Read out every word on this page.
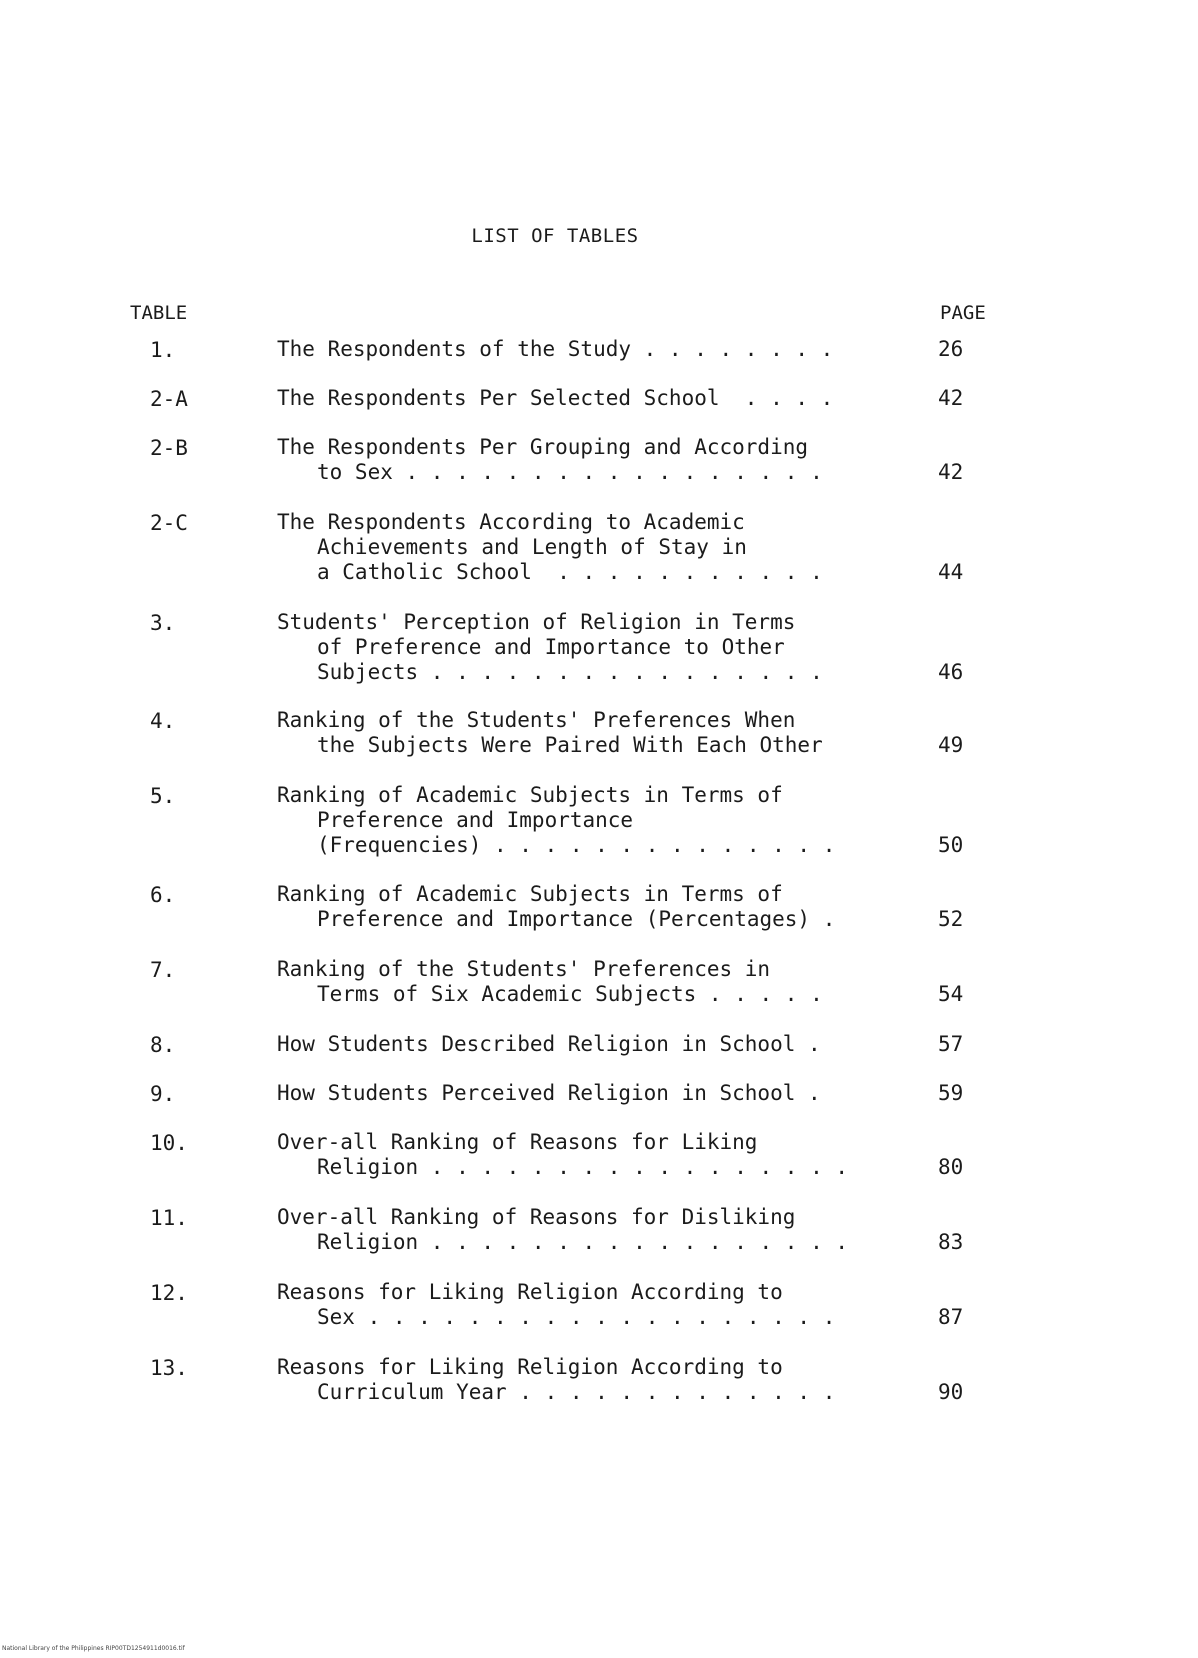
LIST OF TABLES
TABLE	PAGE
1.	The Respondents of the Study . . . . . . . .	26
2-A	The Respondents Per Selected School  . . . .	42
2-B	The Respondents Per Grouping and According
to Sex . . . . . . . . . . . . . . . . .	42
2-C	The Respondents According to Academic
Achievements and Length of Stay in
a Catholic School  . . . . . . . . . . .	44
3.	Students' Perception of Religion in Terms
of Preference and Importance to Other
Subjects . . . . . . . . . . . . . . . .	46
4.	Ranking of the Students' Preferences When
the Subjects Were Paired With Each Other	49
5.	Ranking of Academic Subjects in Terms of
Preference and Importance
(Frequencies) . . . . . . . . . . . . . .	50
6.	Ranking of Academic Subjects in Terms of
Preference and Importance (Percentages) .	52
7.	Ranking of the Students' Preferences in
Terms of Six Academic Subjects . . . . .	54
8.	How Students Described Religion in School .	57
9.	How Students Perceived Religion in School .	59
10.	Over-all Ranking of Reasons for Liking
Religion . . . . . . . . . . . . . . . . .	80
11.	Over-all Ranking of Reasons for Disliking
Religion . . . . . . . . . . . . . . . . .	83
12.	Reasons for Liking Religion According to
Sex . . . . . . . . . . . . . . . . . . .	87
13.	Reasons for Liking Religion According to
Curriculum Year . . . . . . . . . . . . .	90
National Library of the Philippines RIP00TD1254911d0016.tif
